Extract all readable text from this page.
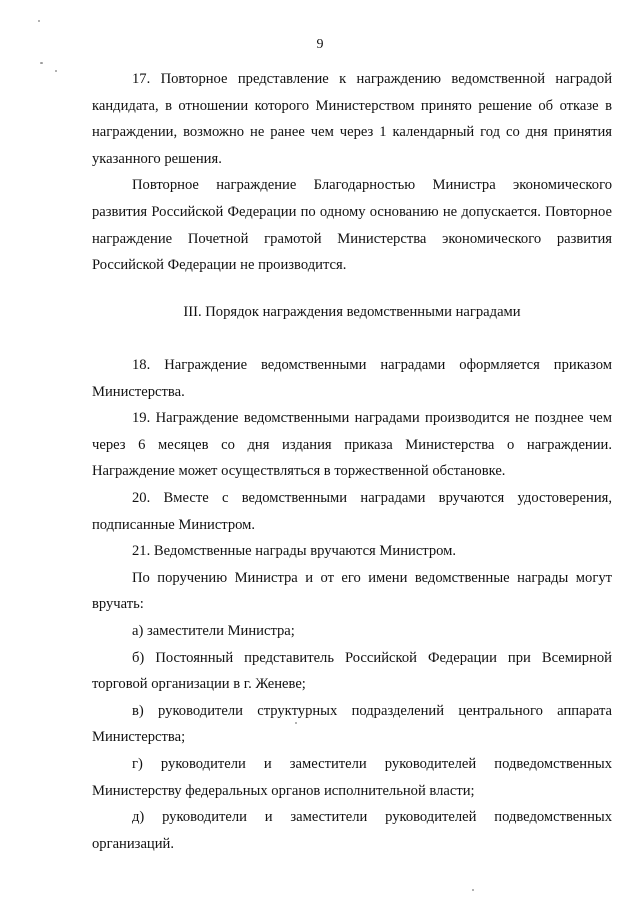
9

17. Повторное представление к награждению ведомственной наградой кандидата, в отношении которого Министерством принято решение об отказе в награждении, возможно не ранее чем через 1 календарный год со дня принятия указанного решения.

Повторное награждение Благодарностью Министра экономического развития Российской Федерации по одному основанию не допускается. Повторное награждение Почетной грамотой Министерства экономического развития Российской Федерации не производится.

III. Порядок награждения ведомственными наградами

18. Награждение ведомственными наградами оформляется приказом Министерства.

19. Награждение ведомственными наградами производится не позднее чем через 6 месяцев со дня издания приказа Министерства о награждении. Награждение может осуществляться в торжественной обстановке.

20. Вместе с ведомственными наградами вручаются удостоверения, подписанные Министром.

21. Ведомственные награды вручаются Министром.

По поручению Министра и от его имени ведомственные награды могут вручать:

а) заместители Министра;

б) Постоянный представитель Российской Федерации при Всемирной торговой организации в г. Женеве;

в) руководители структурных подразделений центрального аппарата Министерства;

г) руководители и заместители руководителей подведомственных Министерству федеральных органов исполнительной власти;

д) руководители и заместители руководителей подведомственных организаций.
